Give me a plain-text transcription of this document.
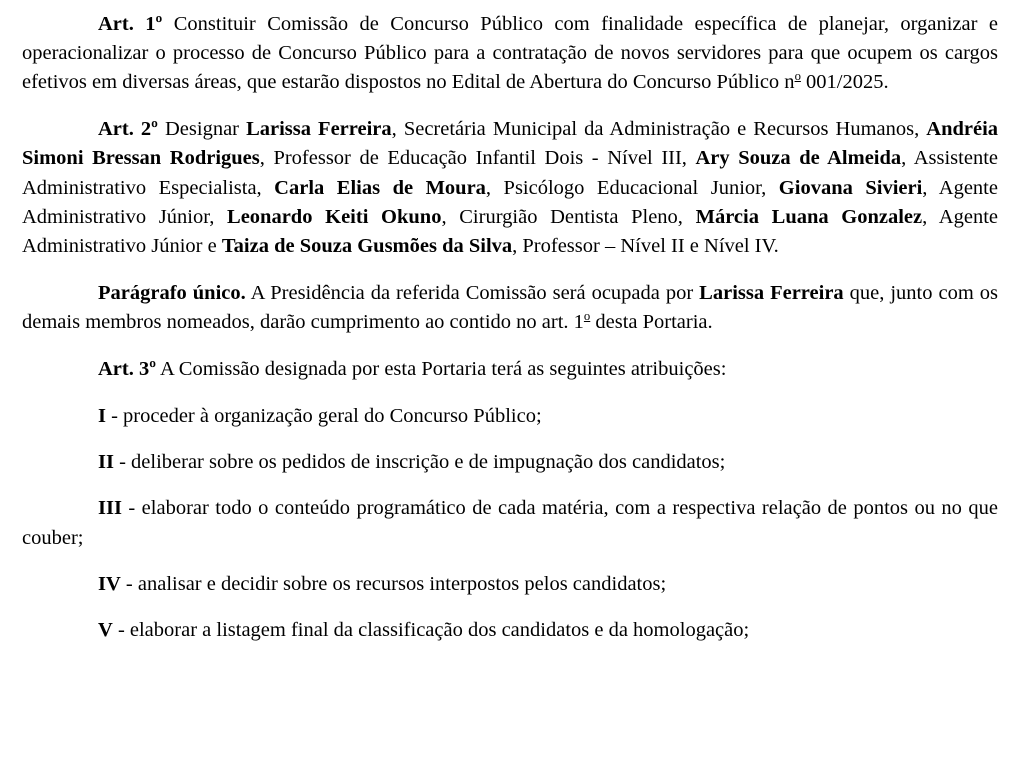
Art. 1º Constituir Comissão de Concurso Público com finalidade específica de planejar, organizar e operacionalizar o processo de Concurso Público para a contratação de novos servidores para que ocupem os cargos efetivos em diversas áreas, que estarão dispostos no Edital de Abertura do Concurso Público $n^o$ 001/2025.

Art. 2º Designar Larissa Ferreira, Secretária Municipal da Administração e Recursos Humanos, Andréia Simoni Bressan Rodrigues, Professor de Educação Infantil Dois - Nível III, Ary Souza de Almeida, Assistente Administrativo Especialista, Carla Elias de Moura, Psicólogo Educacional Junior, Giovana Sivieri, Agente Administrativo Júnior, Leonardo Keiti Okuno, Cirurgião Dentista Pleno, Márcia Luana Gonzalez, Agente Administrativo Júnior e Taiza de Souza Gusmões da Silva, Professor – Nível II e Nível IV.

Parágrafo único. A Presidência da referida Comissão será ocupada por Larissa Ferreira que, junto com os demais membros nomeados, darão cumprimento ao contido no art. 1$^o$ desta Portaria.

Art. 3º A Comissão designada por esta Portaria terá as seguintes atribuições:

I - proceder à organização geral do Concurso Público;

II - deliberar sobre os pedidos de inscrição e de impugnação dos candidatos;

III - elaborar todo o conteúdo programático de cada matéria, com a respectiva relação de pontos ou no que couber;

IV - analisar e decidir sobre os recursos interpostos pelos candidatos;

V - elaborar a listagem final da classificação dos candidatos e da homologação;
